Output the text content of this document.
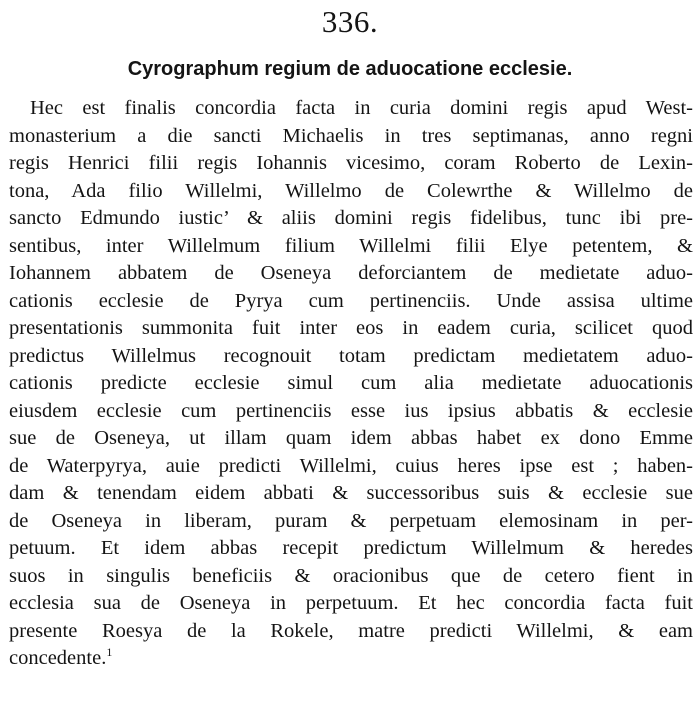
336.
Cyrographum regium de aduocatione ecclesie.
Hec est finalis concordia facta in curia domini regis apud West-
monasterium a die sancti Michaelis in tres septimanas, anno regni
regis Henrici filii regis Iohannis vicesimo, coram Roberto de Lexin-
tona, Ada filio Willelmi, Willelmo de Colewrthe & Willelmo de
sancto Edmundo iustic’ & aliis domini regis fidelibus, tunc ibi pre-
sentibus, inter Willelmum filium Willelmi filii Elye petentem, &
Iohannem abbatem de Oseneya deforciantem de medietate aduo-
cationis ecclesie de Pyrya cum pertinenciis. Unde assisa ultime
presentationis summonita fuit inter eos in eadem curia, scilicet quod
predictus Willelmus recognouit totam predictam medietatem aduo-
cationis predicte ecclesie simul cum alia medietate aduocationis
eiusdem ecclesie cum pertinenciis esse ius ipsius abbatis & ecclesie
sue de Oseneya, ut illam quam idem abbas habet ex dono Emme
de Waterpyrya, auie predicti Willelmi, cuius heres ipse est ; haben-
dam & tenendam eidem abbati & successoribus suis & ecclesie sue
de Oseneya in liberam, puram & perpetuam elemosinam in per-
petuum. Et idem abbas recepit predictum Willelmum & heredes
suos in singulis beneficiis & oracionibus que de cetero fient in
ecclesia sua de Oseneya in perpetuum. Et hec concordia facta fuit
presente Roesya de la Rokele, matre predicti Willelmi, & eam
concedente.$^1$
